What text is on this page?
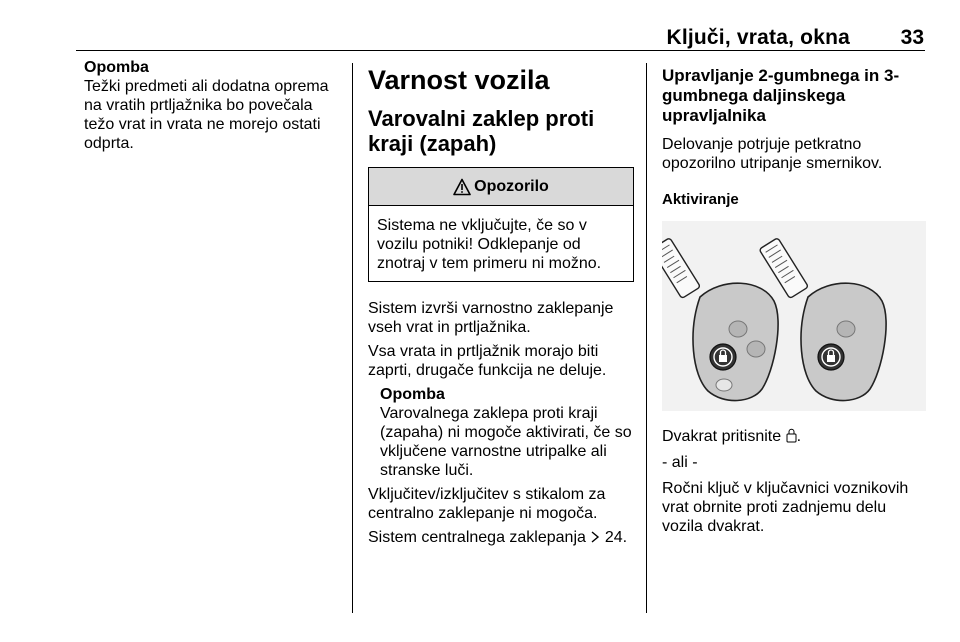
Ključi, vrata, okna	33

Opomba

Težki predmeti ali dodatna oprema na vratih prtljažnika bo povečala težo vrat in vrata ne morejo ostati odprta.

Varnost vozila
Varovalni zaklep proti kraji (zapah)
Opozorilo
Sistema ne vključujte, če so v vozilu potniki! Odklepanje od znotraj v tem primeru ni možno.

Sistem izvrši varnostno zaklepanje vseh vrat in prtljažnika.

Vsa vrata in prtljažnik morajo biti zaprti, drugače funkcija ne deluje.

Opomba

Varovalnega zaklepa proti kraji (zapaha) ni mogoče aktivirati, če so vključene varnostne utripalke ali stranske luči.

Vključitev/izključitev s stikalom za centralno zaklepanje ni mogoča.

Sistem centralnega zaklepanja 24.

Upravljanje 2-gumbnega in 3-gumbnega daljinskega upravljalnika

Delovanje potrjuje petkratno opozorilno utripanje smernikov.

Aktiviranje

Dvakrat pritisnite .

- ali -

Ročni ključ v ključavnici voznikovih vrat obrnite proti zadnjemu delu vozila dvakrat.
